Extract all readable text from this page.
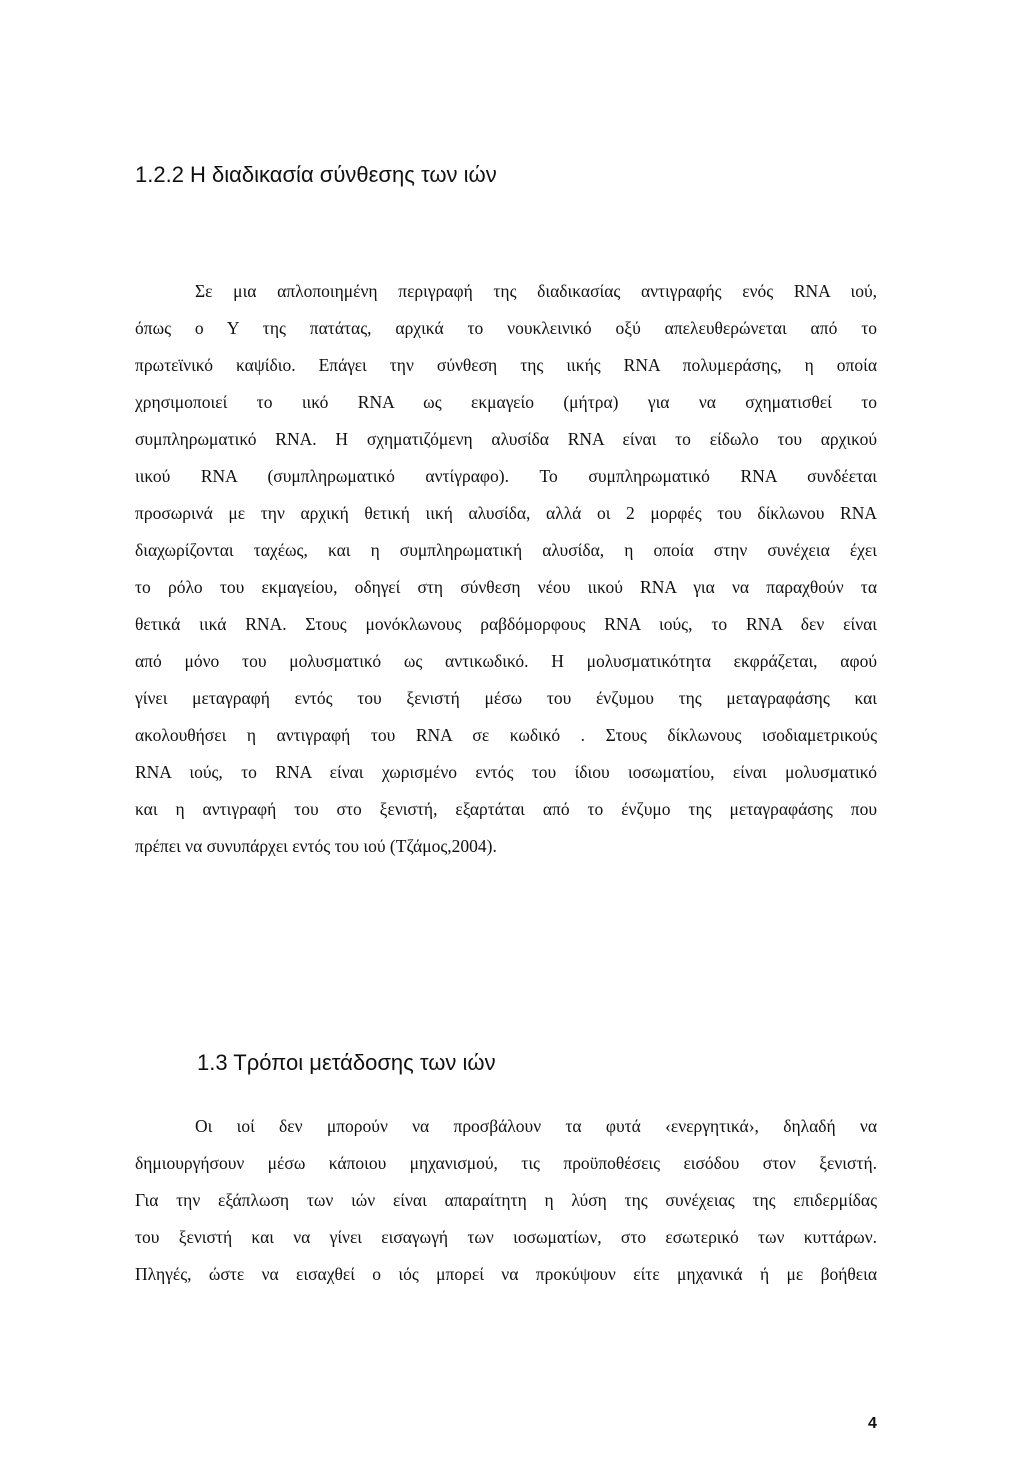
1.2.2 Η διαδικασία σύνθεσης των ιών
Σε μια απλοποιημένη περιγραφή της διαδικασίας αντιγραφής ενός RNA ιού,
όπως ο Υ της πατάτας, αρχικά το νουκλεινικό οξύ απελευθερώνεται από το
πρωτεϊνικό καψίδιο. Επάγει την σύνθεση της ιικής RNA πολυμεράσης, η οποία
χρησιμοποιεί το ιικό RNA ως εκμαγείο (μήτρα) για να σχηματισθεί το
συμπληρωματικό RNA. Η σχηματιζόμενη αλυσίδα RNA είναι το είδωλο του αρχικού
ιικού RNA (συμπληρωματικό αντίγραφο). Το συμπληρωματικό RNA συνδέεται
προσωρινά με την αρχική θετική ιική αλυσίδα, αλλά οι 2 μορφές του δίκλωνου RNA
διαχωρίζονται ταχέως, και η συμπληρωματική αλυσίδα, η οποία στην συνέχεια έχει
το ρόλο του εκμαγείου, οδηγεί στη σύνθεση νέου ιικού RNA για να παραχθούν τα
θετικά ιικά RNA. Στους μονόκλωνους ραβδόμορφους RNA ιούς, το RNA δεν είναι
από μόνο του μολυσματικό ως αντικωδικό. Η μολυσματικότητα εκφράζεται, αφού
γίνει μεταγραφή εντός του ξενιστή μέσω του ένζυμου της μεταγραφάσης και
ακολουθήσει η αντιγραφή του RNA σε κωδικό . Στους δίκλωνους ισοδιαμετρικούς
RNA ιούς, το RNA είναι χωρισμένο εντός του ίδιου ιοσωματίου, είναι μολυσματικό
και η αντιγραφή του στο ξενιστή, εξαρτάται από το ένζυμο της μεταγραφάσης που
πρέπει να συνυπάρχει εντός του ιού (Τζάμος,2004).
1.3 Τρόποι μετάδοσης των ιών
Οι ιοί δεν μπορούν να προσβάλουν τα φυτά ‹ενεργητικά›, δηλαδή να
δημιουργήσουν μέσω κάποιου μηχανισμού, τις προϋποθέσεις εισόδου στον ξενιστή.
Για την εξάπλωση των ιών είναι απαραίτητη η λύση της συνέχειας της επιδερμίδας
του ξενιστή και να γίνει εισαγωγή των ιοσωματίων, στο εσωτερικό των κυττάρων.
Πληγές, ώστε να εισαχθεί ο ιός μπορεί να προκύψουν είτε μηχανικά ή με βοήθεια
4
